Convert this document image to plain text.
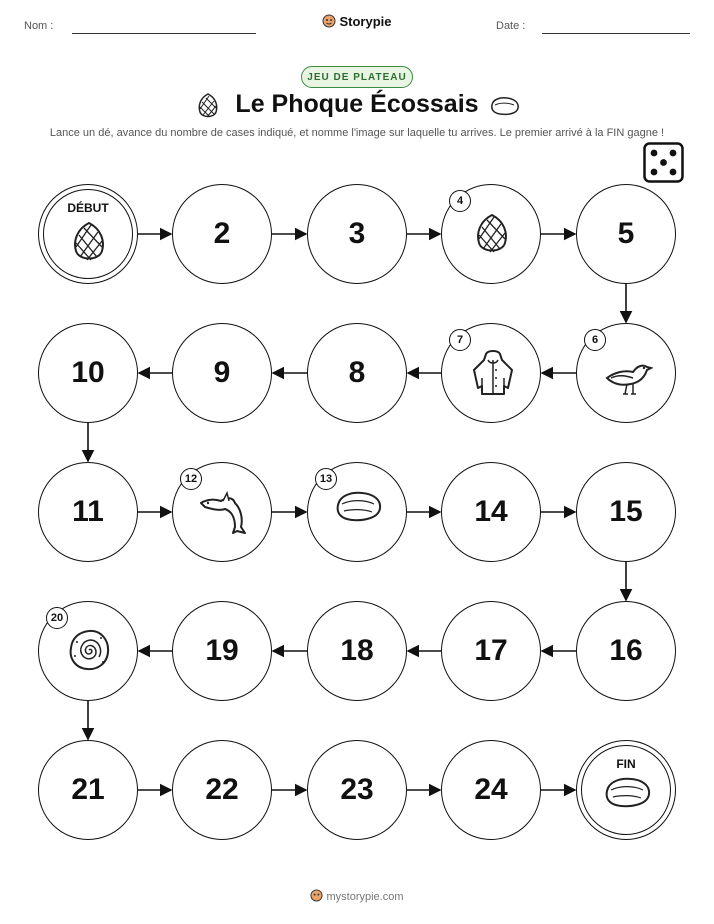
Nom :	Storypie	Date :
JEU DE PLATEAU
Le Phoque Écossais
Lance un dé, avance du nombre de cases indiqué, et nomme l'image sur laquelle tu arrives. Le premier arrivé à la FIN gagne !
DÉBUT
2	3
4
5
6
7
8
9
10
11
12	13
14	15
16
17
18
19
20
21	22	23	24
FIN
mystorypie.com
